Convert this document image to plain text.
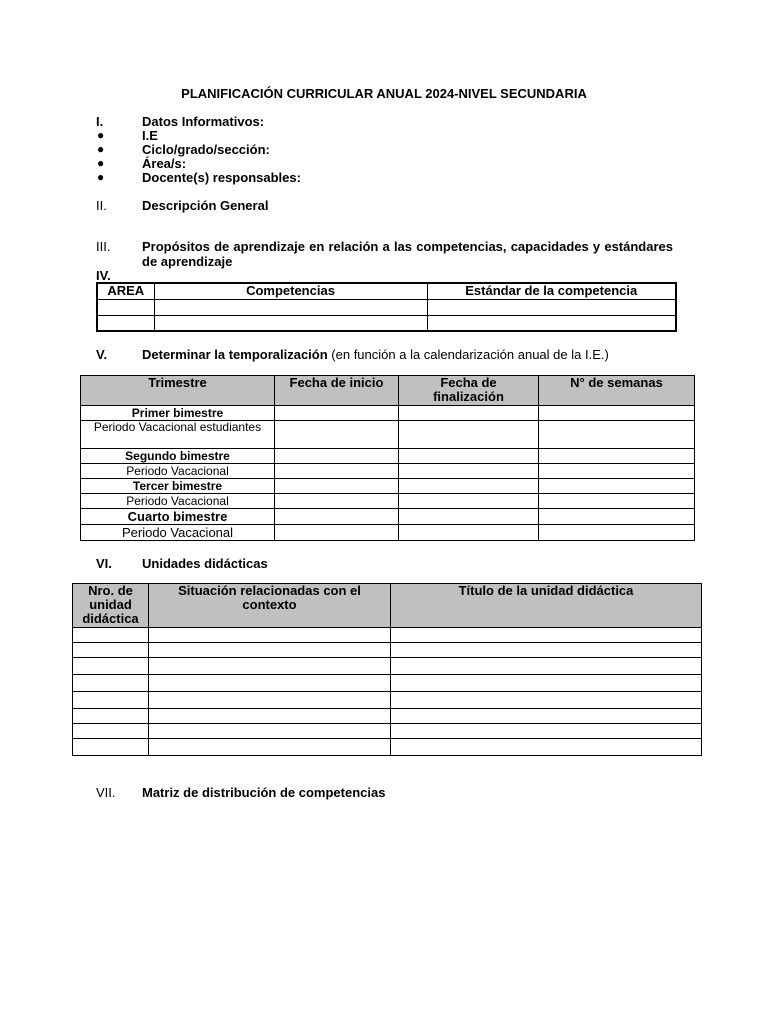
PLANIFICACIÓN CURRICULAR ANUAL 2024-NIVEL SECUNDARIA
I.	Datos Informativos:
●	I.E
●	Ciclo/grado/sección:
●	Área/s:
●	Docente(s) responsables:
II.	Descripción General
III. Propósitos de aprendizaje en relación a las competencias, capacidades y estándares
de aprendizaje
IV.
AREA	Competencias	Estándar de la competencia

V.	Determinar la temporalización (en función a la calendarización anual de la I.E.)
Trimestre	Fecha de inicio	Fecha de finalización	N° de semanas
Primer bimestre			
Periodo Vacacional estudiantes			
Segundo bimestre			
Periodo Vacacional			
Tercer bimestre			
Periodo Vacacional			
Cuarto bimestre			
Periodo Vacacional			
VI. Unidades didácticas
Nro. de unidad didáctica	Situación relacionadas con el contexto	Título de la unidad didáctica

VII. Matriz de distribución de competencias
